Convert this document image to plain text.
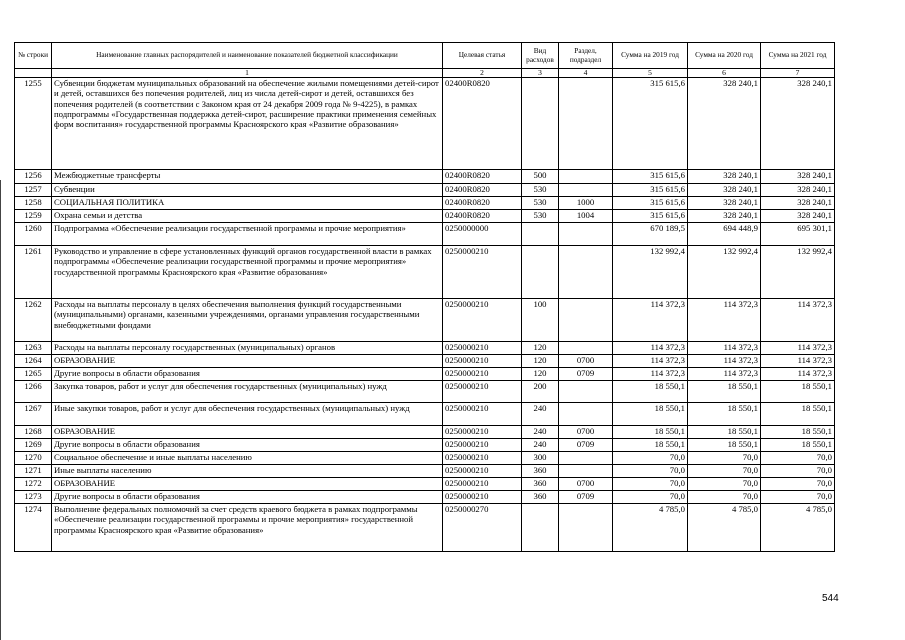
№ строки	Наименование главных распорядителей и наименование показателей бюджетной классификации	Целевая статья	Вид расходов	Раздел, подраздел	Сумма на 2019 год	Сумма на 2020 год	Сумма на 2021 год
	1	2	3	4	5	6	7
1255	Субвенции бюджетам муниципальных образований на обеспечение жилыми помещениями детей-сирот и детей, оставшихся без попечения родителей, лиц из числа детей-сирот и детей, оставшихся без попечения родителей (в соответствии с Законом края от 24 декабря 2009 года № 9-4225), в рамках подпрограммы «Государственная поддержка детей-сирот, расширение практики применения семейных форм воспитания» государственной программы Красноярского края «Развитие образования»	02400R0820			315 615,6	328 240,1	328 240,1
1256	Межбюджетные трансферты	02400R0820	500		315 615,6	328 240,1	328 240,1
1257	Субвенции	02400R0820	530		315 615,6	328 240,1	328 240,1
1258	СОЦИАЛЬНАЯ ПОЛИТИКА	02400R0820	530	1000	315 615,6	328 240,1	328 240,1
1259	Охрана семьи и детства	02400R0820	530	1004	315 615,6	328 240,1	328 240,1
1260	Подпрограмма «Обеспечение реализации государственной программы и прочие мероприятия»	0250000000			670 189,5	694 448,9	695 301,1
1261	Руководство и управление в сфере установленных функций органов государственной власти в рамках подпрограммы «Обеспечение реализации государственной программы и прочие мероприятия» государственной программы Красноярского края «Развитие образования»	0250000210			132 992,4	132 992,4	132 992,4
1262	Расходы на выплаты персоналу в целях обеспечения выполнения функций государственными (муниципальными) органами, казенными учреждениями, органами управления государственными внебюджетными фондами	0250000210	100		114 372,3	114 372,3	114 372,3
1263	Расходы на выплаты персоналу государственных (муниципальных) органов	0250000210	120		114 372,3	114 372,3	114 372,3
1264	ОБРАЗОВАНИЕ	0250000210	120	0700	114 372,3	114 372,3	114 372,3
1265	Другие вопросы в области образования	0250000210	120	0709	114 372,3	114 372,3	114 372,3
1266	Закупка товаров, работ и услуг для обеспечения государственных (муниципальных) нужд	0250000210	200		18 550,1	18 550,1	18 550,1
1267	Иные закупки товаров, работ и услуг для обеспечения государственных (муниципальных) нужд	0250000210	240		18 550,1	18 550,1	18 550,1
1268	ОБРАЗОВАНИЕ	0250000210	240	0700	18 550,1	18 550,1	18 550,1
1269	Другие вопросы в области образования	0250000210	240	0709	18 550,1	18 550,1	18 550,1
1270	Социальное обеспечение и иные выплаты населению	0250000210	300		70,0	70,0	70,0
1271	Иные выплаты населению	0250000210	360		70,0	70,0	70,0
1272	ОБРАЗОВАНИЕ	0250000210	360	0700	70,0	70,0	70,0
1273	Другие вопросы в области образования	0250000210	360	0709	70,0	70,0	70,0
1274	Выполнение федеральных полномочий за счет средств краевого бюджета в рамках подпрограммы «Обеспечение реализации государственной программы и прочие мероприятия» государственной программы Красноярского края «Развитие образования»	0250000270			4 785,0	4 785,0	4 785,0
544
